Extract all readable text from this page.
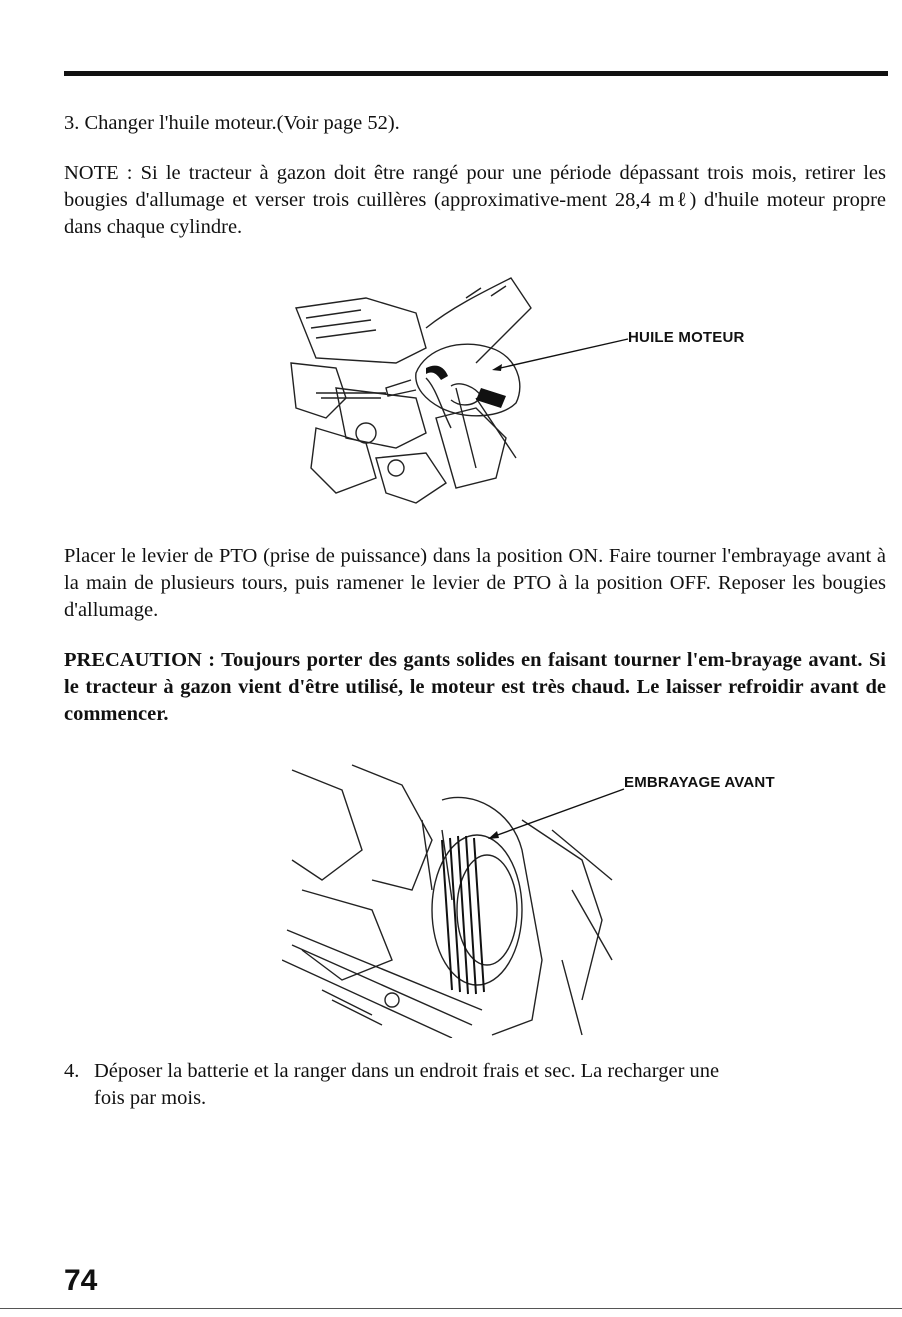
3. Changer l'huile moteur.(Voir page 52).

NOTE : Si le tracteur à gazon doit être rangé pour une période dépassant trois mois, retirer les bougies d'allumage et verser trois cuillères (approximative-ment 28,4 mℓ) d'huile moteur propre dans chaque cylindre.

HUILE MOTEUR

Placer le levier de PTO (prise de puissance) dans la position ON. Faire tourner l'embrayage avant à la main de plusieurs tours, puis ramener le levier de PTO à la position OFF. Reposer les bougies d'allumage.

PRECAUTION : Toujours porter des gants solides en faisant tourner l'em-brayage avant. Si le tracteur à gazon vient d'être utilisé, le moteur est très chaud. Le laisser refroidir avant de commencer.

EMBRAYAGE AVANT

4. Déposer la batterie et la ranger dans un endroit frais et sec. La recharger une
fois par mois.

74
